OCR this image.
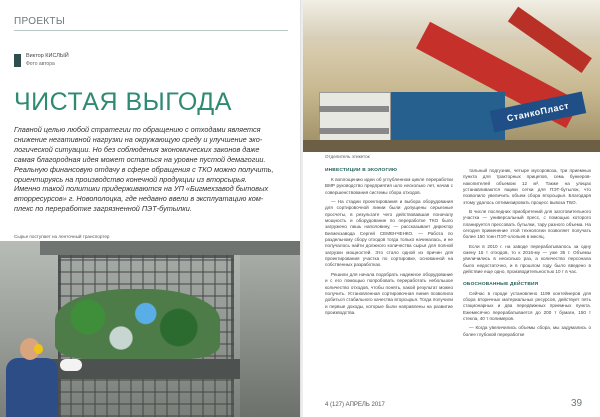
ПРОЕКТЫ
Виктор КИСЛЫЙ
Фото автора
ЧИСТАЯ ВЫГОДА
Главной целью любой стратегии по обращению с отходами является
снижение негативной нагрузки на окружающую среду и улучшение эко-
логической ситуации. Но без соблюдения экономических законов даже
самая благородная идея может остаться на уровне пустой демагогии.
Реальную финансовую отдачу в сфере обращения с ТКО можно получить,
ориентируясь на производство конечной продукции из вторсырья.
Именно такой политики придерживаются на УП «Бигмехзавод бытовых
вторресурсов» г. Новополоцка, где недавно ввели в эксплуатацию ком-
плекс по переработке загрязненной ПЭТ-бутылки.
Сырье поступает на ленточный транспортер
СтанкоПласт
Отделитель этикеток
ИНВЕСТИЦИИ В ЭКОЛОГИЮ

К воплощению идеи об углубленном цикле переработки ВМР руководство предприятия шло несколько лет, начав с совершенствования системы сбора отходов.

— На стадии проектирования и выбора оборудования для сортировочной линии были допущены серьезные просчеты, в результате чего действовавшая поначалу мощность и оборудование по переработке ТКО было загружено лишь наполовину, — рассказывает директор Бигмехзавода Сергей СЕМЕНЧЕНКО. — Работа по раздельному сбору отходов тогда только начиналась, и не получалось найти должного количества сырья для полной загрузки мощностей. Это стало одной из причин для проектирования участка по сортировке, основанной на собственных разработках.

Решили для начала подобрать надежное оборудование и с его помощью попробовать переработать небольшое количество отходов, чтобы понять, какой результат можно получить. Установленная сортировочная линия позволила добиться стабильного качества вторсырья. Тогда получили и первые доходы, которые были направлены на развитие производства.

тальный подгузник, четыре мусоровоза, три приемных пункта для тракторных прицепов, семь бункеров-накопителей объемом 12 м³. Также на улицах устанавливаются ящики сетки для ПЭТ-бутылок, что позволило увеличить объем сбора вторсырья. Благодаря этому удалось оптимизировать процесс вывоза ТБО.

В числе последних приобретений для заготовительного участка — универсальный пресс, с помощью которого планируется прессовать бутылки, тару разного объема. На сегодня применение этой технологии позволяет получать более 150 тонн ПЭТ-хлопьев в месяц.

Если в 2010 г. на заводе перерабатывалось за одну смену 15 т отходов, то к 2016-му — уже 35 т. Объемы увеличились в несколько раз, а количество персонала было недостаточно, и в прошлом году было введено в действие еще одно, производительностью 10 т в час.

ОБОСНОВАННЫЕ ДЕЙСТВИЯ

Сейчас в городе установлено 1199 контейнеров для сбора вторичных материальных ресурсов, действует пять стационарных и два передвижных приемных пункта. Ежемесячно перерабатывается до 200 т бумаги, 150 т стекла, 40 т полимеров.

— Когда увеличились объемы сбора, мы задумались о более глубокой переработке

4 (127) АПРЕЛЬ 2017	39
